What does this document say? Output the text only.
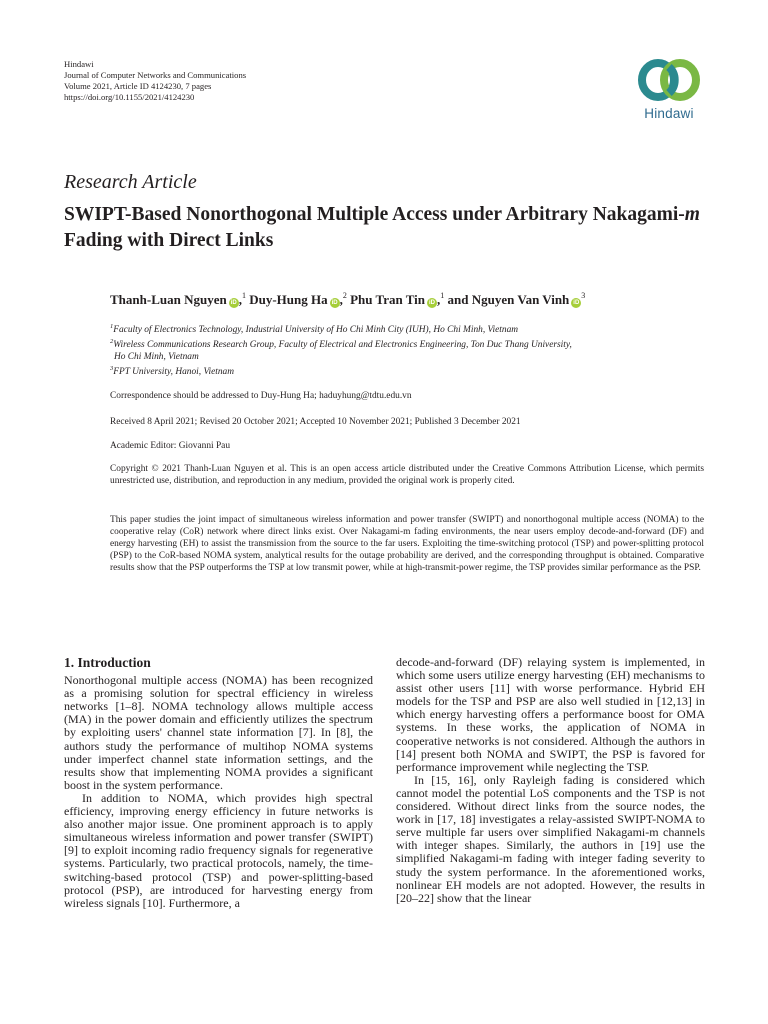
Hindawi
Journal of Computer Networks and Communications
Volume 2021, Article ID 4124230, 7 pages
https://doi.org/10.1155/2021/4124230
Hindawi
Research Article
SWIPT-Based Nonorthogonal Multiple Access under Arbitrary Nakagami-m Fading with Direct Links
Thanh-Luan Nguyen iD ,$^1$ Duy-Hung Ha iD ,$^2$ Phu Tran Tin iD ,$^1$ and Nguyen Van Vinh $iD^3$
$^1$Faculty of Electronics Technology, Industrial University of Ho Chi Minh City (IUH), Ho Chi Minh, Vietnam
$^2$Wireless Communications Research Group, Faculty of Electrical and Electronics Engineering, Ton Duc Thang University,
Ho Chi Minh, Vietnam
$^3$FPT University, Hanoi, Vietnam
Correspondence should be addressed to Duy-Hung Ha; haduyhung@tdtu.edu.vn
Received 8 April 2021; Revised 20 October 2021; Accepted 10 November 2021; Published 3 December 2021
Academic Editor: Giovanni Pau
Copyright © 2021 Thanh-Luan Nguyen et al. This is an open access article distributed under the Creative Commons Attribution License, which permits unrestricted use, distribution, and reproduction in any medium, provided the original work is properly cited.
This paper studies the joint impact of simultaneous wireless information and power transfer (SWIPT) and nonorthogonal multiple access (NOMA) to the cooperative relay (CoR) network where direct links exist. Over Nakagami-m fading environments, the near users employ decode-and-forward (DF) and energy harvesting (EH) to assist the transmission from the source to the far users. Exploiting the time-switching protocol (TSP) and power-splitting protocol (PSP) to the CoR-based NOMA system, analytical results for the outage probability are derived, and the corresponding throughput is obtained. Comparative results show that the PSP outperforms the TSP at low transmit power, while at high-transmit-power regime, the TSP provides similar performance as the PSP.
1. Introduction

Nonorthogonal multiple access (NOMA) has been recognized as a promising solution for spectral efficiency in wireless networks [1–8]. NOMA technology allows multiple access (MA) in the power domain and efficiently utilizes the spectrum by exploiting users' channel state information [7]. In [8], the authors study the performance of multihop NOMA systems under imperfect channel state information settings, and the results show that implementing NOMA provides a significant boost in the system performance.

In addition to NOMA, which provides high spectral efficiency, improving energy efficiency in future networks is also another major issue. One prominent approach is to apply simultaneous wireless information and power transfer (SWIPT) [9] to exploit incoming radio frequency signals for regenerative systems. Particularly, two practical protocols, namely, the time-switching-based protocol (TSP) and power-splitting-based protocol (PSP), are introduced for harvesting energy from wireless signals [10]. Furthermore, a

decode-and-forward (DF) relaying system is implemented, in which some users utilize energy harvesting (EH) mechanisms to assist other users [11] with worse performance. Hybrid EH models for the TSP and PSP are also well studied in [12,13] in which energy harvesting offers a performance boost for OMA systems. In these works, the application of NOMA in cooperative networks is not considered. Although the authors in [14] present both NOMA and SWIPT, the PSP is favored for performance improvement while neglecting the TSP.

In [15, 16], only Rayleigh fading is considered which cannot model the potential LoS components and the TSP is not considered. Without direct links from the source nodes, the work in [17, 18] investigates a relay-assisted SWIPT-NOMA to serve multiple far users over simplified Nakagami-m channels with integer shapes. Similarly, the authors in [19] use the simplified Nakagami-m fading with integer fading severity to study the system performance. In the aforementioned works, nonlinear EH models are not adopted. However, the results in [20–22] show that the linear
